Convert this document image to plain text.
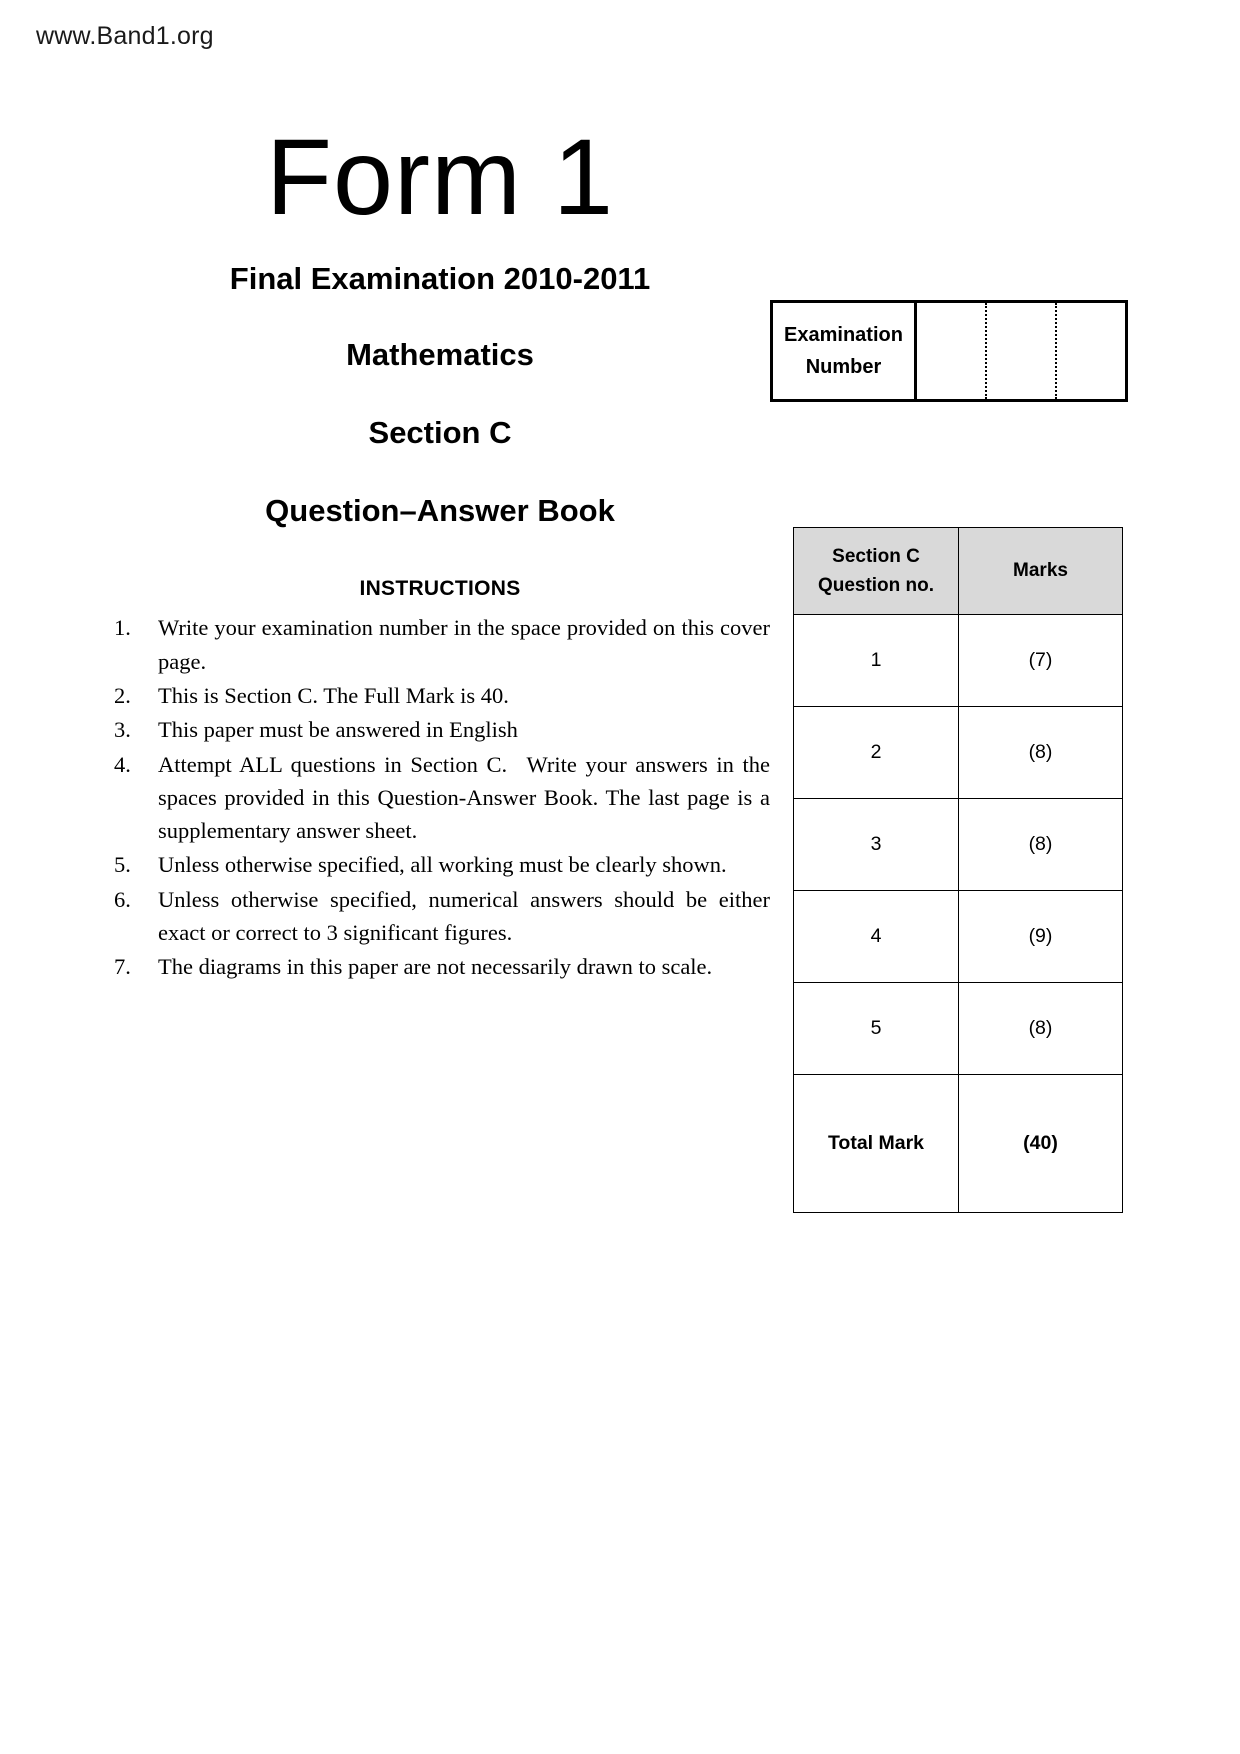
www.Band1.org
Form 1

Final Examination 2010-2011

Mathematics

Section C

Question–Answer Book

INSTRUCTIONS
1.	Write your examination number in the space provided on this cover page.
2.	This is Section C. The Full Mark is 40.
3.	This paper must be answered in English
4.	Attempt ALL questions in Section C.  Write your answers in the spaces provided in this Question-Answer Book. The last page is a supplementary answer sheet.
5.	Unless otherwise specified, all working must be clearly shown.
6.	Unless otherwise specified, numerical answers should be either exact or correct to 3 significant figures.
7.	The diagrams in this paper are not necessarily drawn to scale.
Examination
Number
Section C
Question no.	Marks
1	(7)
2	(8)
3	(8)
4	(9)
5	(8)
Total Mark	(40)
